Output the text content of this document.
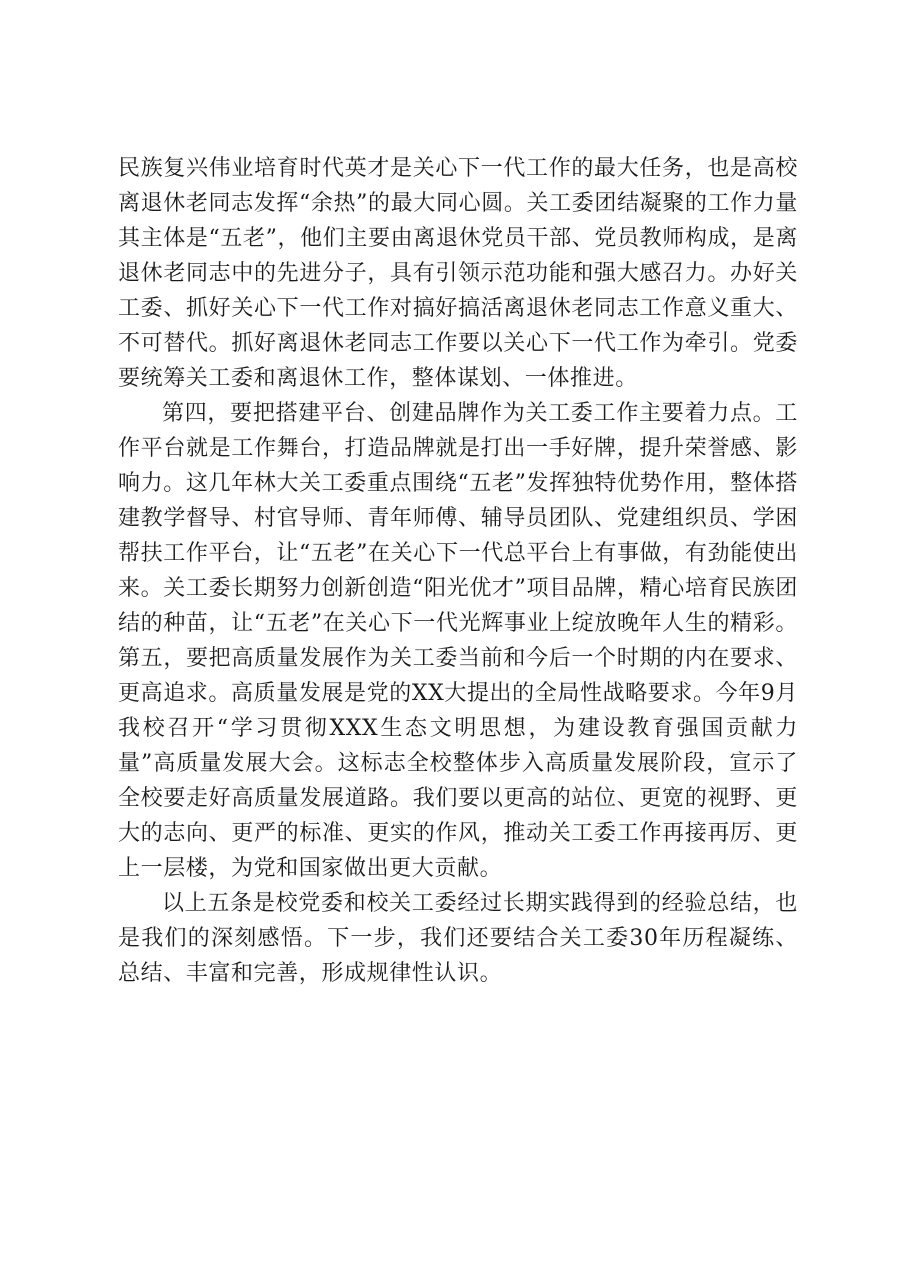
民族复兴伟业培育时代英才是关心下一代工作的最大任务，也是高校离退休老同志发挥“余热”的最大同心圆。关工委团结凝聚的工作力量其主体是“五老”，他们主要由离退休党员干部、党员教师构成，是离退休老同志中的先进分子，具有引领示范功能和强大感召力。办好关工委、抓好关心下一代工作对搞好搞活离退休老同志工作意义重大、不可替代。抓好离退休老同志工作要以关心下一代工作为牵引。党委要统筹关工委和离退休工作，整体谋划、一体推进。

第四，要把搭建平台、创建品牌作为关工委工作主要着力点。工作平台就是工作舞台，打造品牌就是打出一手好牌，提升荣誉感、影响力。这几年林大关工委重点围绕“五老”发挥独特优势作用，整体搭建教学督导、村官导师、青年师傅、辅导员团队、党建组织员、学困帮扶工作平台，让“五老”在关心下一代总平台上有事做，有劲能使出来。关工委长期努力创新创造“阳光优才”项目品牌，精心培育民族团结的种苗，让“五老”在关心下一代光辉事业上绽放晚年人生的精彩。第五，要把高质量发展作为关工委当前和今后一个时期的内在要求、更高追求。高质量发展是党的XX大提出的全局性战略要求。今年9月我校召开“学习贯彻XXX生态文明思想，为建设教育强国贡献力量”高质量发展大会。这标志全校整体步入高质量发展阶段，宣示了全校要走好高质量发展道路。我们要以更高的站位、更宽的视野、更大的志向、更严的标准、更实的作风，推动关工委工作再接再厉、更上一层楼，为党和国家做出更大贡献。

以上五条是校党委和校关工委经过长期实践得到的经验总结，也是我们的深刻感悟。下一步，我们还要结合关工委30年历程凝练、总结、丰富和完善，形成规律性认识。
